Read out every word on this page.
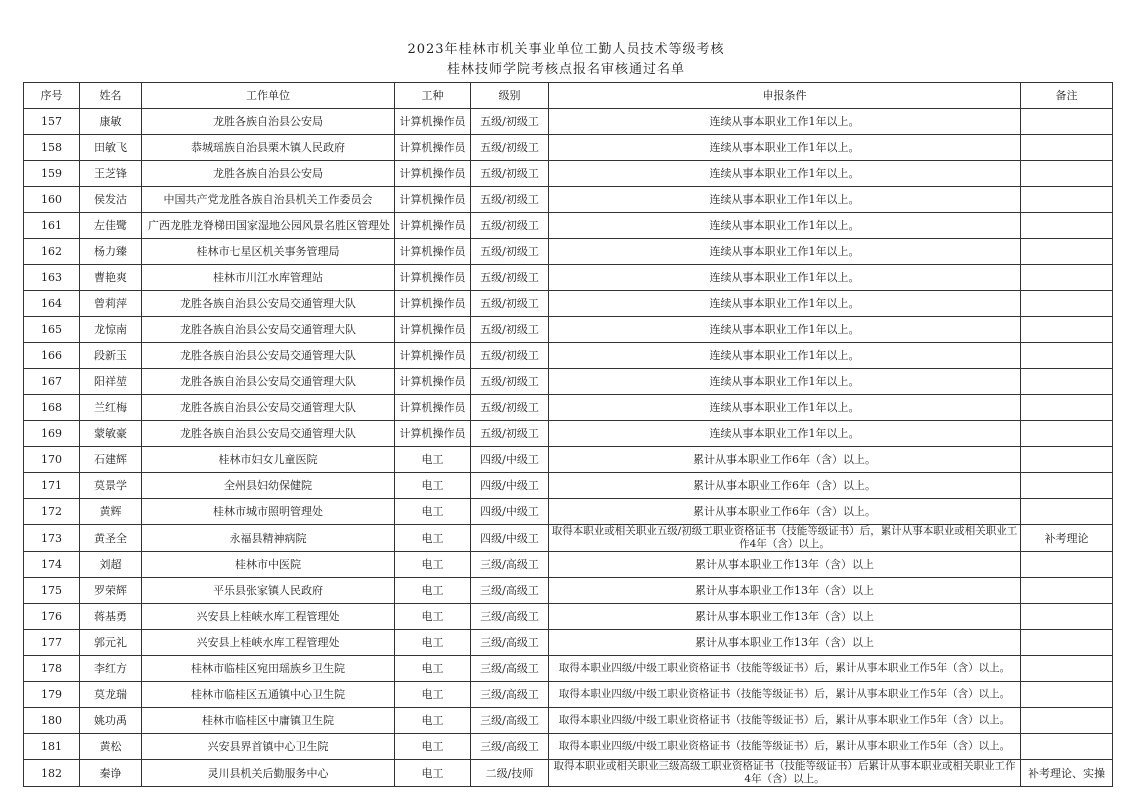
2023年桂林市机关事业单位工勤人员技术等级考核
桂林技师学院考核点报名审核通过名单
序号	姓名	工作单位	工种	级别	申报条件	备注
157	康敏	龙胜各族自治县公安局	计算机操作员	五级/初级工	连续从事本职业工作1年以上。	
158	田敏飞	恭城瑶族自治县栗木镇人民政府	计算机操作员	五级/初级工	连续从事本职业工作1年以上。	
159	王芝锋	龙胜各族自治县公安局	计算机操作员	五级/初级工	连续从事本职业工作1年以上。	
160	侯发沽	中国共产党龙胜各族自治县机关工作委员会	计算机操作员	五级/初级工	连续从事本职业工作1年以上。	
161	左佳鹭	广西龙胜龙脊梯田国家湿地公园风景名胜区管理处	计算机操作员	五级/初级工	连续从事本职业工作1年以上。	
162	杨力臻	桂林市七星区机关事务管理局	计算机操作员	五级/初级工	连续从事本职业工作1年以上。	
163	曹艳爽	桂林市川江水库管理站	计算机操作员	五级/初级工	连续从事本职业工作1年以上。	
164	曾莉萍	龙胜各族自治县公安局交通管理大队	计算机操作员	五级/初级工	连续从事本职业工作1年以上。	
165	龙惊南	龙胜各族自治县公安局交通管理大队	计算机操作员	五级/初级工	连续从事本职业工作1年以上。	
166	段新玉	龙胜各族自治县公安局交通管理大队	计算机操作员	五级/初级工	连续从事本职业工作1年以上。	
167	阳祥堃	龙胜各族自治县公安局交通管理大队	计算机操作员	五级/初级工	连续从事本职业工作1年以上。	
168	兰红梅	龙胜各族自治县公安局交通管理大队	计算机操作员	五级/初级工	连续从事本职业工作1年以上。	
169	蒙敏豪	龙胜各族自治县公安局交通管理大队	计算机操作员	五级/初级工	连续从事本职业工作1年以上。	
170	石建辉	桂林市妇女儿童医院	电工	四级/中级工	累计从事本职业工作6年（含）以上。	
171	莫景学	全州县妇幼保健院	电工	四级/中级工	累计从事本职业工作6年（含）以上。	
172	黄辉	桂林市城市照明管理处	电工	四级/中级工	累计从事本职业工作6年（含）以上。	
173	黄圣全	永福县精神病院	电工	四级/中级工	取得本职业或相关职业五级/初级工职业资格证书（技能等级证书）后，累计从事本职业或相关职业工作4年（含）以上。	补考理论
174	刘超	桂林市中医院	电工	三级/高级工	累计从事本职业工作13年（含）以上	
175	罗荣辉	平乐县张家镇人民政府	电工	三级/高级工	累计从事本职业工作13年（含）以上	
176	蒋基勇	兴安县上桂峡水库工程管理处	电工	三级/高级工	累计从事本职业工作13年（含）以上	
177	郭元礼	兴安县上桂峡水库工程管理处	电工	三级/高级工	累计从事本职业工作13年（含）以上	
178	李红方	桂林市临桂区宛田瑶族乡卫生院	电工	三级/高级工	取得本职业四级/中级工职业资格证书（技能等级证书）后，累计从事本职业工作5年（含）以上。	
179	莫龙瑞	桂林市临桂区五通镇中心卫生院	电工	三级/高级工	取得本职业四级/中级工职业资格证书（技能等级证书）后，累计从事本职业工作5年（含）以上。	
180	姚功禹	桂林市临桂区中庸镇卫生院	电工	三级/高级工	取得本职业四级/中级工职业资格证书（技能等级证书）后，累计从事本职业工作5年（含）以上。	
181	黄松	兴安县界首镇中心卫生院	电工	三级/高级工	取得本职业四级/中级工职业资格证书（技能等级证书）后，累计从事本职业工作5年（含）以上。	
182	秦诤	灵川县机关后勤服务中心	电工	二级/技师	取得本职业或相关职业三级高级工职业资格证书（技能等级证书）后累计从事本职业或相关职业工作4年（含）以上。	补考理论、实操
